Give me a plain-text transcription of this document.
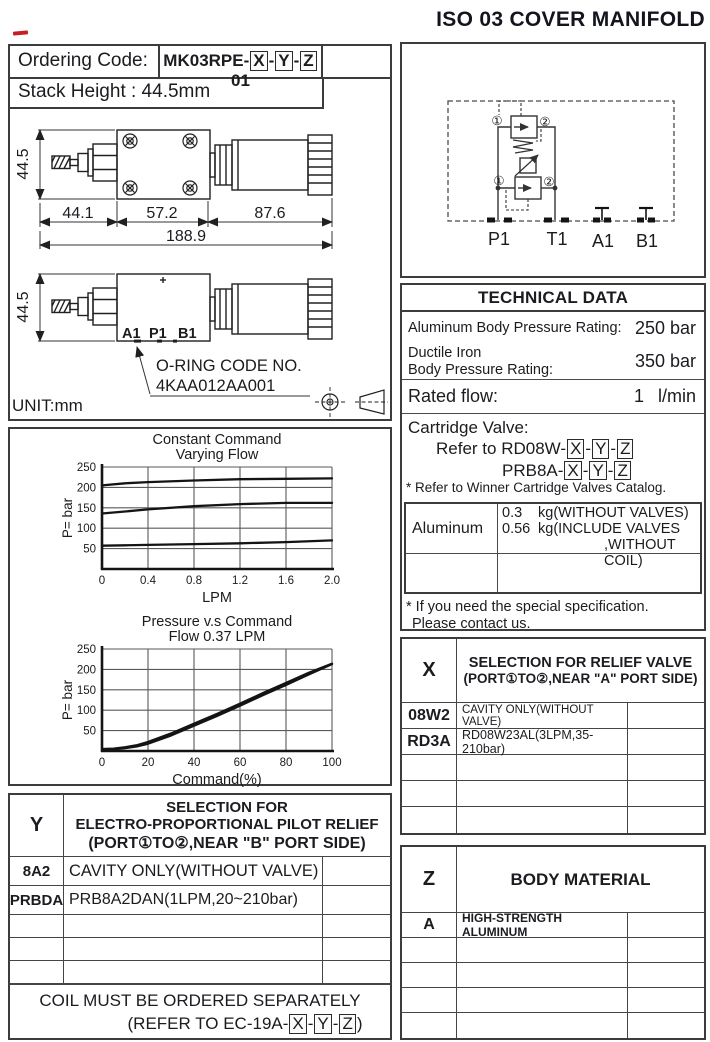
ISO 03 COVER MANIFOLD
Ordering Code: MK03RPE- X - Y - Z01
Stack Height : 44.5mm
44.5
44.1	57.2	87.6
188.9
44.5
A1 P1 B1
O-RING CODE NO.
4KAA012AA001
UNIT:mm
Constant Command
Varying Flow
0	0.4	0.8	1.2	1.6	2.0
50
100
150
200
250
P= bar
LPM
Pressure v.s Command
Flow 0.37 LPM
0	20	40	60	80	100
50
100
150
200
250
P= bar
Command(%)
Y
SELECTION FOR
ELECTRO-PROPORTIONAL PILOT RELIEF
(PORT①TO②,NEAR "B" PORT SIDE)
8A2	CAVITY ONLY(WITHOUT VALVE)
PRBDA PRB8A2DAN(1LPM,20~210bar)
COIL MUST BE ORDERED SEPARATELY
(REFER TO EC-19A- X - Y - Z )
①	②
①	②
P1 T1 A1 B1
TECHNICAL DATA
Aluminum Body Pressure Rating: 250 bar
Ductile Iron
Body Pressure Rating:	350 bar
Rated flow:	1 l/min
Cartridge Valve:
Refer to RD08W- X - Y - Z
PRB8A- X - Y - Z
* Refer to Winner Cartridge Valves Catalog.
Aluminum
0.3	kg(WITHOUT VALVES)
0.56 kg(INCLUDE VALVES
,WITHOUT COIL)
* If you need the special specification.
Please contact us.
X	SELECTION FOR RELIEF VALVE
(PORT①TO②,NEAR "A" PORT SIDE)
08W2	CAVITY ONLY(WITHOUT VALVE)
RD3A RD08W23AL(3LPM,35-210bar)
Z	BODY MATERIAL
A	HIGH-STRENGTH ALUMINUM
